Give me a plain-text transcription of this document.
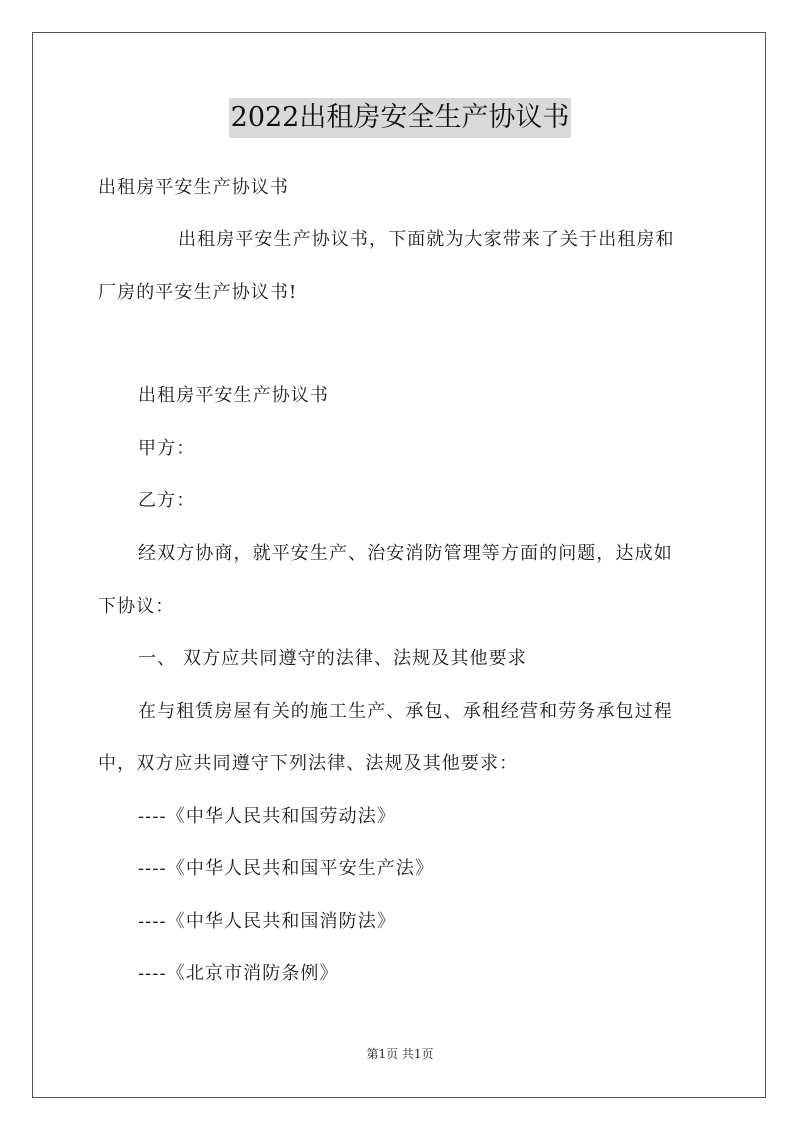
2022出租房安全生产协议书
出租房平安生产协议书
出租房平安生产协议书，下面就为大家带来了关于出租房和
厂房的平安生产协议书!
出租房平安生产协议书
甲方：
乙方：
经双方协商，就平安生产、治安消防管理等方面的问题，达成如
下协议：
一、 双方应共同遵守的法律、法规及其他要求
在与租赁房屋有关的施工生产、承包、承租经营和劳务承包过程
中，双方应共同遵守下列法律、法规及其他要求：
----《中华人民共和国劳动法》
----《中华人民共和国平安生产法》
----《中华人民共和国消防法》
----《北京市消防条例》
第1页 共1页
